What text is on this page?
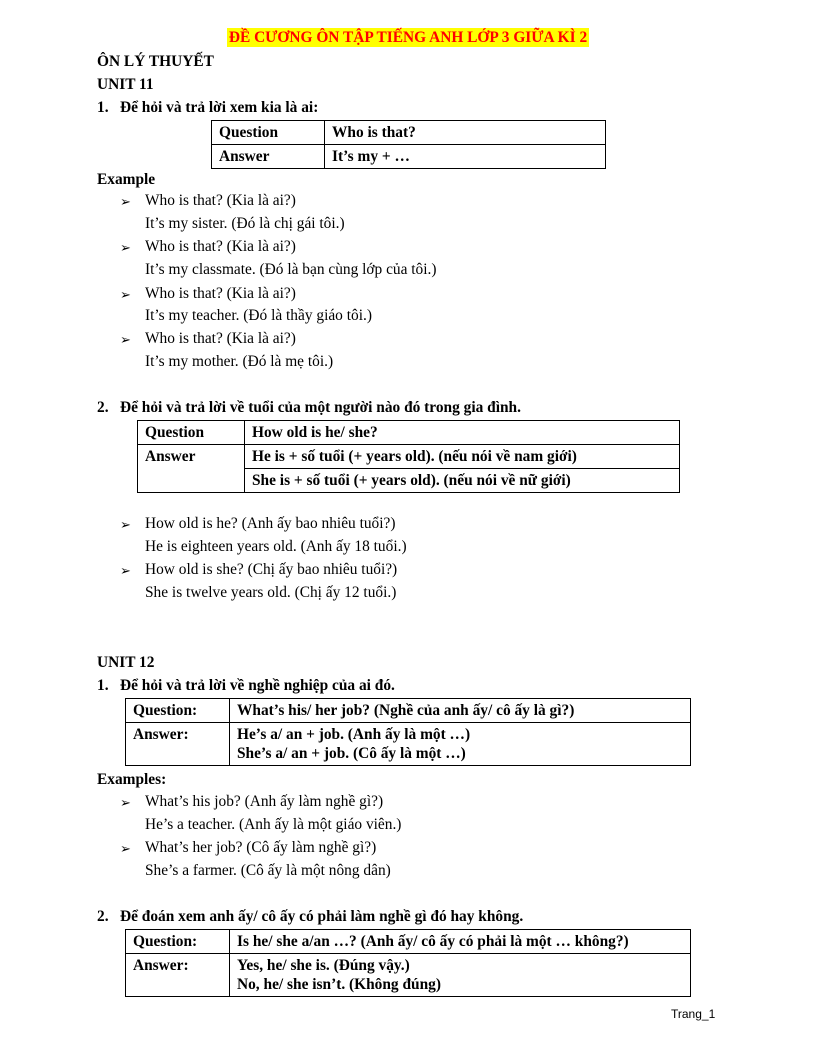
ĐỀ CƯƠNG ÔN TẬP TIẾNG ANH LỚP 3 GIỮA KÌ 2
ÔN LÝ THUYẾT
UNIT 11
1. Để hỏi và trả lời xem kia là ai:
Question	Who is that?
Answer	It’s my + …
Example
➢ Who is that? (Kia là ai?)
It’s my sister. (Đó là chị gái tôi.)
➢ Who is that? (Kia là ai?)
It’s my classmate. (Đó là bạn cùng lớp của tôi.)
➢ Who is that? (Kia là ai?)
It’s my teacher. (Đó là thầy giáo tôi.)
➢ Who is that? (Kia là ai?)
It’s my mother. (Đó là mẹ tôi.)
2. Để hỏi và trả lời về tuổi của một người nào đó trong gia đình.
Question	How old is he/ she?
Answer	He is + số tuổi (+ years old). (nếu nói về nam giới)
	She is + số tuổi (+ years old). (nếu nói về nữ giới)
➢ How old is he? (Anh ấy bao nhiêu tuổi?)
He is eighteen years old. (Anh ấy 18 tuổi.)
➢ How old is she? (Chị ấy bao nhiêu tuổi?)
She is twelve years old. (Chị ấy 12 tuổi.)
UNIT 12
1. Để hỏi và trả lời về nghề nghiệp của ai đó.
Question:	What’s his/ her job? (Nghề của anh ấy/ cô ấy là gì?)
Answer:	He’s a/ an + job. (Anh ấy là một …)
She’s a/ an + job. (Cô ấy là một …)
Examples:
➢ What’s his job? (Anh ấy làm nghề gì?)
He’s a teacher. (Anh ấy là một giáo viên.)
➢ What’s her job? (Cô ấy làm nghề gì?)
She’s a farmer. (Cô ấy là một nông dân)
2. Để đoán xem anh ấy/ cô ấy có phải làm nghề gì đó hay không.
Question:	Is he/ she a/an …? (Anh ấy/ cô ấy có phải là một … không?)
Answer:	Yes, he/ she is. (Đúng vậy.)
No, he/ she isn’t. (Không đúng)
Trang_1
